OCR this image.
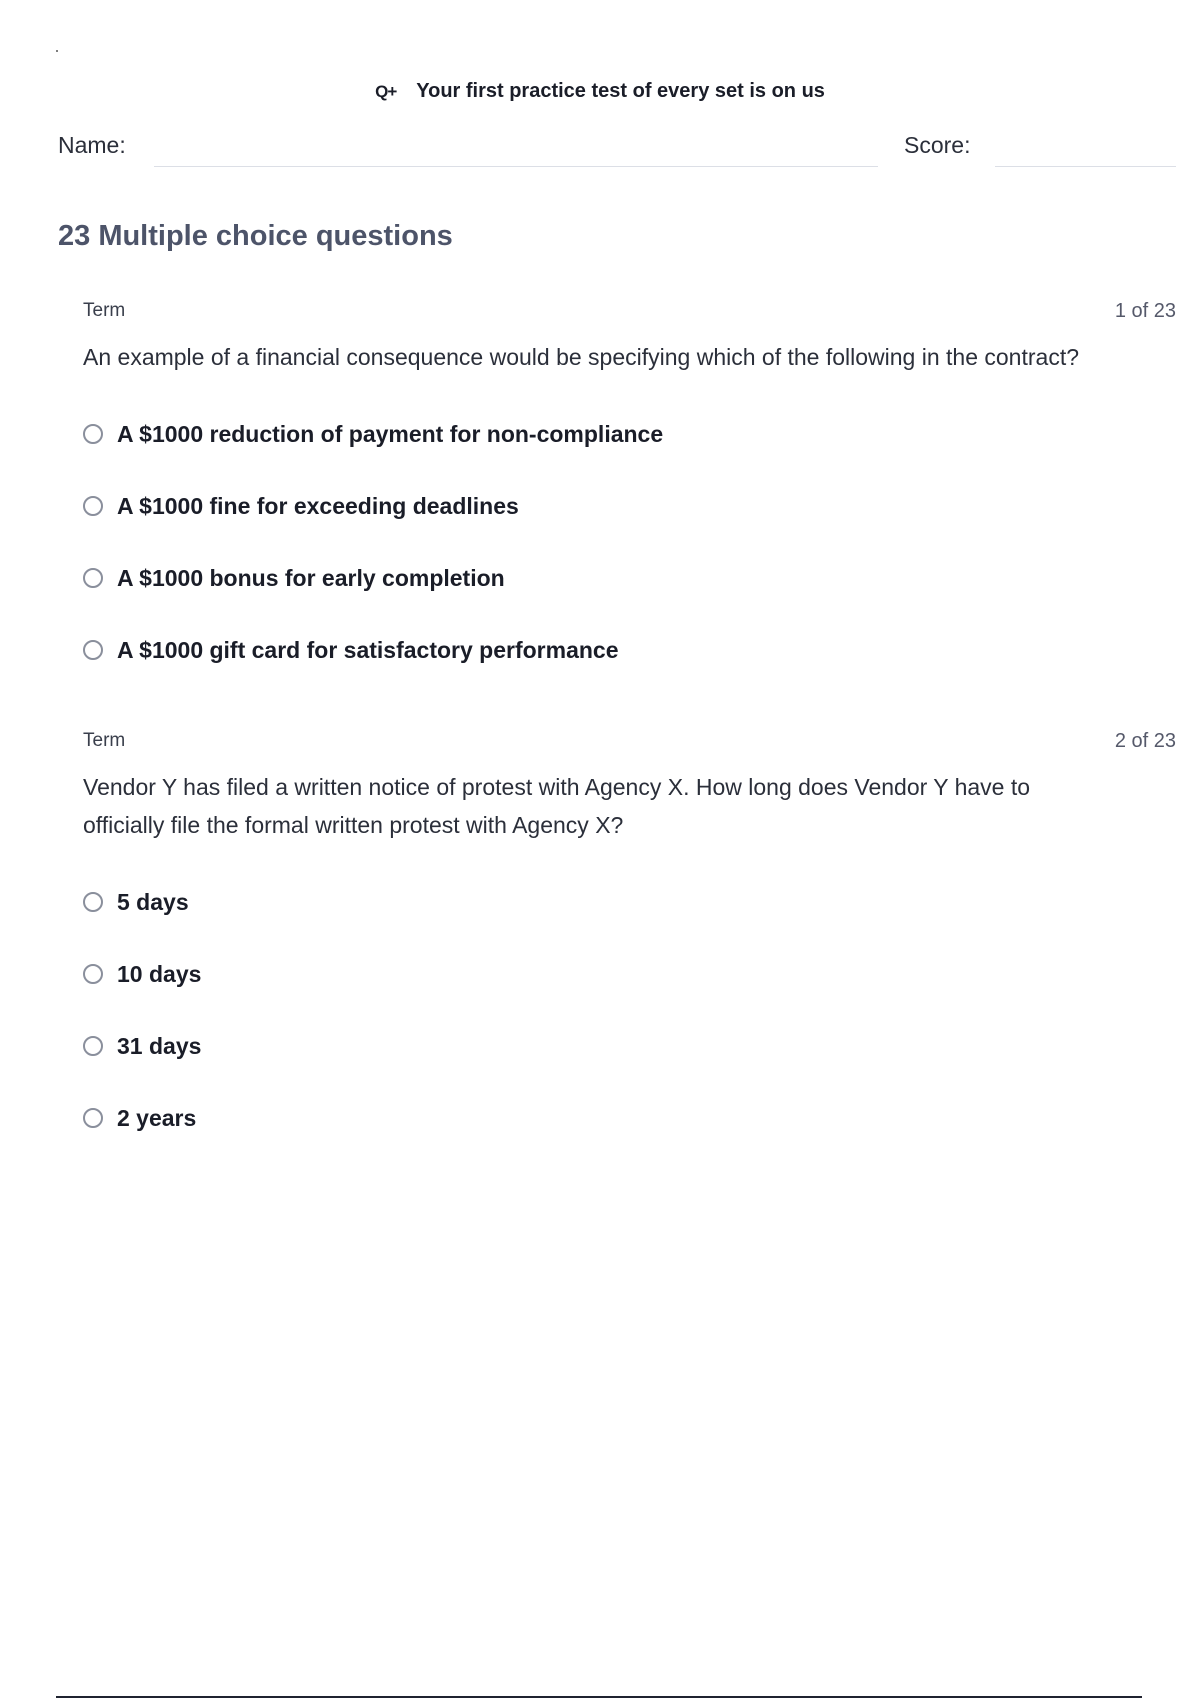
Q+ Your first practice test of every set is on us
Name:	Score:
23 Multiple choice questions
Term	1 of 23
An example of a financial consequence would be specifying which of the following in the contract?
A $1000 reduction of payment for non-compliance
A $1000 fine for exceeding deadlines
A $1000 bonus for early completion
A $1000 gift card for satisfactory performance
Term	2 of 23
Vendor Y has filed a written notice of protest with Agency X. How long does Vendor Y have to officially file the formal written protest with Agency X?
5 days
10 days
31 days
2 years
